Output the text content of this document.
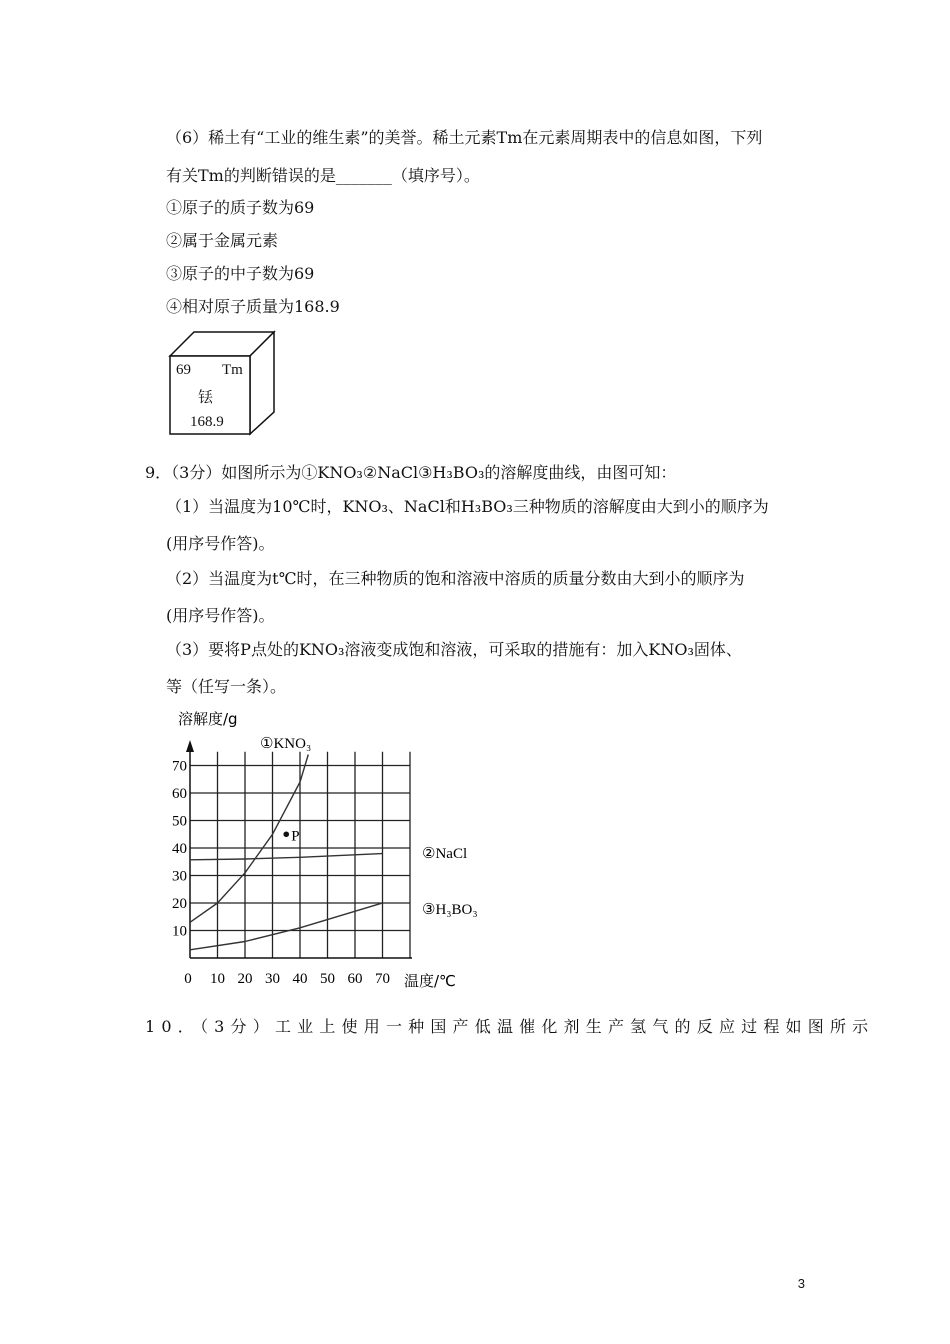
（6）稀土有“工业的维生素”的美誉。稀土元素Tm在元素周期表中的信息如图，下列
有关Tm的判断错误的是_______（填序号）。
①原子的质子数为69
②属于金属元素
③原子的中子数为69
④相对原子质量为168.9
69 Tm
铥
168.9
9．（3分）如图所示为①KNO₃②NaCl③H₃BO₃的溶解度曲线，由图可知：
（1）当温度为10℃时，KNO₃、NaCl和H₃BO₃三种物质的溶解度由大到小的顺序为
(用序号作答)。
（2）当温度为t℃时，在三种物质的饱和溶液中溶质的质量分数由大到小的顺序为
(用序号作答)。
（3）要将P点处的KNO₃溶液变成饱和溶液，可采取的措施有：加入KNO₃固体、
等（任写一条）。
溶解度/g
温度/℃
0 10 20 30 40 50 60 70
10
20
30
40
50
60
70
P
①KNO₃
②NaCl
③H₃BO₃
10．（3分）工业上使用一种国产低温催化剂生产氢气的反应过程如图所示
3
